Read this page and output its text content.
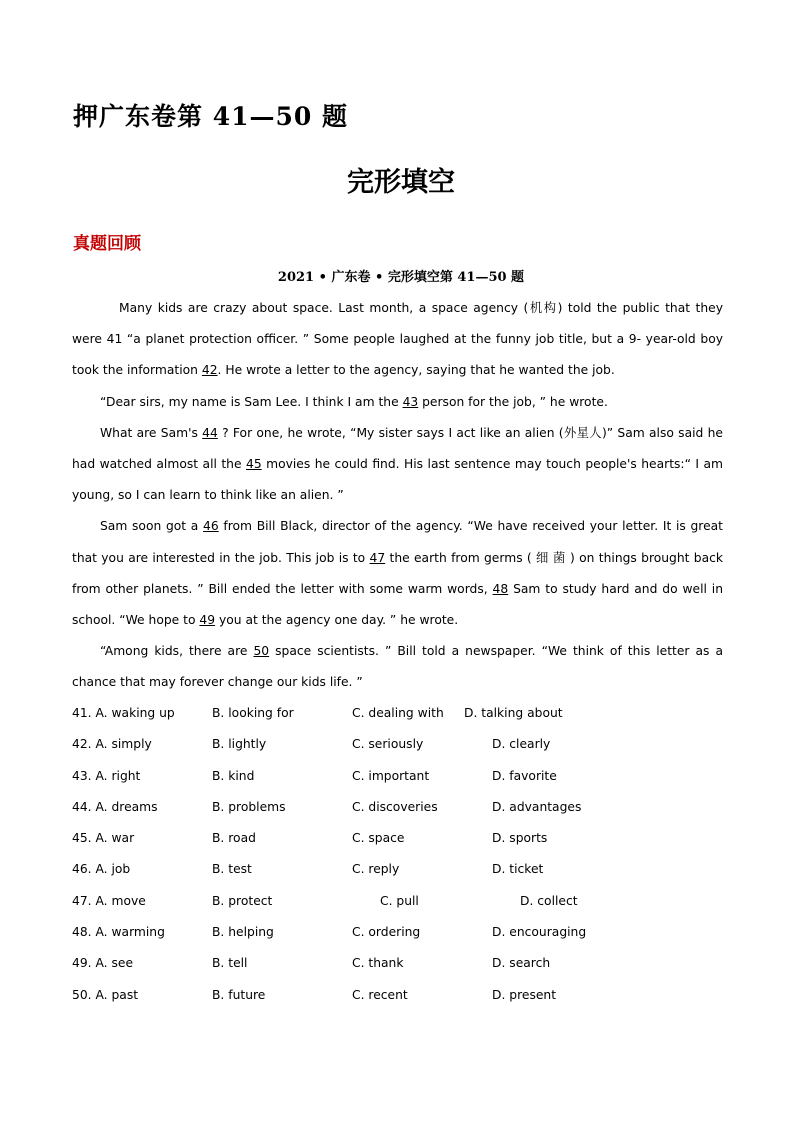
押广东卷第 41—50 题
完形填空
真题回顾
2021 • 广东卷 • 完形填空第 41—50 题

Many kids are crazy about space. Last month, a space agency (机构) told the public that they were 41 “a planet protection officer. ” Some people laughed at the funny job title, but a 9- year-old boy took the information 42. He wrote a letter to the agency, saying that he wanted the job.

“Dear sirs, my name is Sam Lee. I think I am the 43 person for the job, ” he wrote.

What are Sam's 44 ? For one, he wrote, “My sister says I act like an alien (外星人)” Sam also said he had watched almost all the 45 movies he could find. His last sentence may touch people's hearts:“ I am young, so I can learn to think like an alien. ”

Sam soon got a 46 from Bill Black, director of the agency. “We have received your letter. It is great that you are interested in the job. This job is to 47 the earth from germs ( 细 菌 ) on things brought back from other planets. ” Bill ended the letter with some warm words, 48 Sam to study hard and do well in school. “We hope to 49 you at the agency one day. ” he wrote.

“Among kids, there are 50 space scientists. ” Bill told a newspaper. “We think of this letter as a chance that may forever change our kids life. ”

41. A. waking up	B. looking for	C. dealing with D. talking about
42. A. simply	B. lightly	C. seriously	D. clearly
43. A. right	B. kind	C. important	D. favorite
44. A. dreams	B. problems	C. discoveries	D. advantages
45. A. war	B. road	C. space	D. sports
46. A. job	B. test	C. reply	D. ticket
47. A. move	B. protect	C. pull	D. collect
48. A. warming	B. helping	C. ordering	D. encouraging
49. A. see	B. tell	C. thank	D. search
50. A. past	B. future	C. recent	D. present
